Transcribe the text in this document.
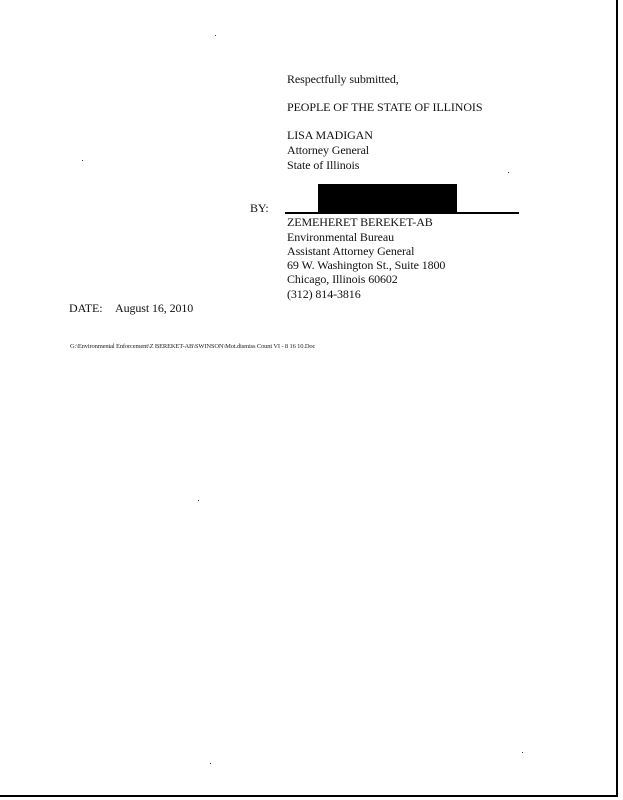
Respectfully submitted,
PEOPLE OF THE STATE OF ILLINOIS
LISA MADIGAN
Attorney General
State of Illinois
BY:
ZEMEHERET BEREKET-AB
Environmental Bureau
Assistant Attorney General
69 W. Washington St., Suite 1800
Chicago, Illinois 60602
(312) 814-3816
DATE: August 16, 2010
G:\Environmental Enforcement\Z BEREKET-AB\SWINSON\Mot.dismiss Count VI - 8 16 10.Doc
